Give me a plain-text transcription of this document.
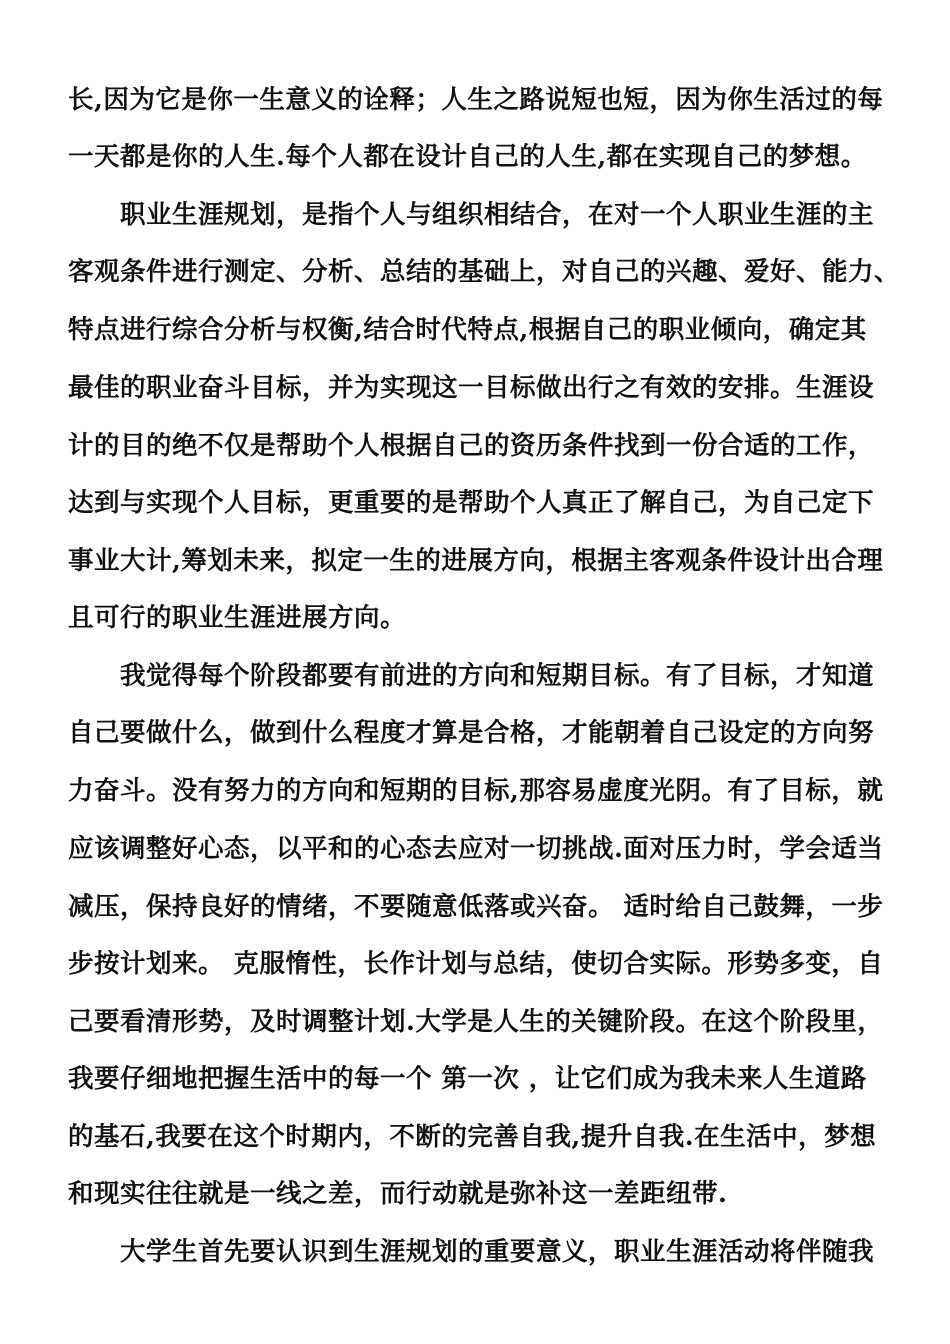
长,因为它是你一生意义的诠释；人生之路说短也短，因为你生活过的每
一天都是你的人生.每个人都在设计自己的人生,都在实现自己的梦想。
职业生涯规划，是指个人与组织相结合，在对一个人职业生涯的主
客观条件进行测定、分析、总结的基础上，对自己的兴趣、爱好、能力、
特点进行综合分析与权衡,结合时代特点,根据自己的职业倾向，确定其
最佳的职业奋斗目标，并为实现这一目标做出行之有效的安排。生涯设
计的目的绝不仅是帮助个人根据自己的资历条件找到一份合适的工作，
达到与实现个人目标，更重要的是帮助个人真正了解自己，为自己定下
事业大计,筹划未来，拟定一生的进展方向，根据主客观条件设计出合理
且可行的职业生涯进展方向。
我觉得每个阶段都要有前进的方向和短期目标。有了目标，才知道
自己要做什么，做到什么程度才算是合格，才能朝着自己设定的方向努
力奋斗。没有努力的方向和短期的目标,那容易虚度光阴。有了目标，就
应该调整好心态，以平和的心态去应对一切挑战.面对压力时，学会适当
减压，保持良好的情绪，不要随意低落或兴奋。 适时给自己鼓舞，一步
步按计划来。 克服惰性，长作计划与总结，使切合实际。形势多变，自
己要看清形势，及时调整计划.大学是人生的关键阶段。在这个阶段里，
我要仔细地把握生活中的每一个 第一次 ，让它们成为我未来人生道路
的基石,我要在这个时期内，不断的完善自我,提升自我.在生活中，梦想
和现实往往就是一线之差，而行动就是弥补这一差距纽带.
大学生首先要认识到生涯规划的重要意义，职业生涯活动将伴随我
